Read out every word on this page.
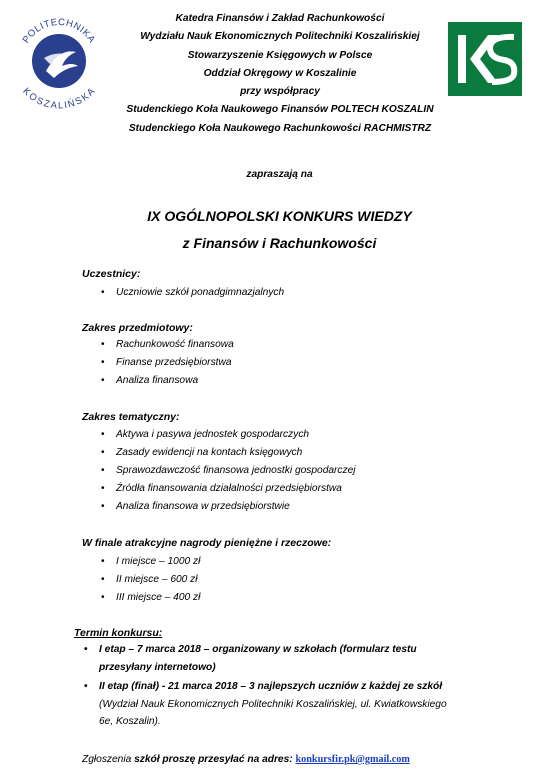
POLITECHNIKA
KOSZALIŃSKA
Katedra Finansów i Zakład Rachunkowości
Wydziału Nauk Ekonomicznych Politechniki Koszalińskiej
Stowarzyszenie Księgowych w Polsce
Oddział Okręgowy w Koszalinie
przy współpracy
Studenckiego Koła Naukowego Finansów POLTECH KOSZALIN
Studenckiego Koła Naukowego Rachunkowości RACHMISTRZ
zapraszają na
IX OGÓLNOPOLSKI KONKURS WIEDZY
z Finansów i Rachunkowości
Uczestnicy:
• Uczniowie szkół ponadgimnazjalnych
Zakres przedmiotowy:
• Rachunkowość finansowa
• Finanse przedsiębiorstwa
• Analiza finansowa
Zakres tematyczny:
• Aktywa i pasywa jednostek gospodarczych
• Zasady ewidencji na kontach księgowych
• Sprawozdawczość finansowa jednostki gospodarczej
• Źródła finansowania działalności przedsiębiorstwa
• Analiza finansowa w przedsiębiorstwie
W finale atrakcyjne nagrody pieniężne i rzeczowe:
• I miejsce – 1000 zł
• II miejsce – 600 zł
• III miejsce – 400 zł
Termin konkursu:
• I etap – 7 marca 2018 – organizowany w szkołach (formularz testu
przesyłany internetowo)
• II etap (finał) - 21 marca 2018 – 3 najlepszych uczniów z każdej ze szkół
(Wydział Nauk Ekonomicznych Politechniki Koszalińskiej, ul. Kwiatkowskiego
6e, Koszalin).
Zgłoszenia szkół proszę przesyłać na adres: konkursfir.pk@gmail.com
